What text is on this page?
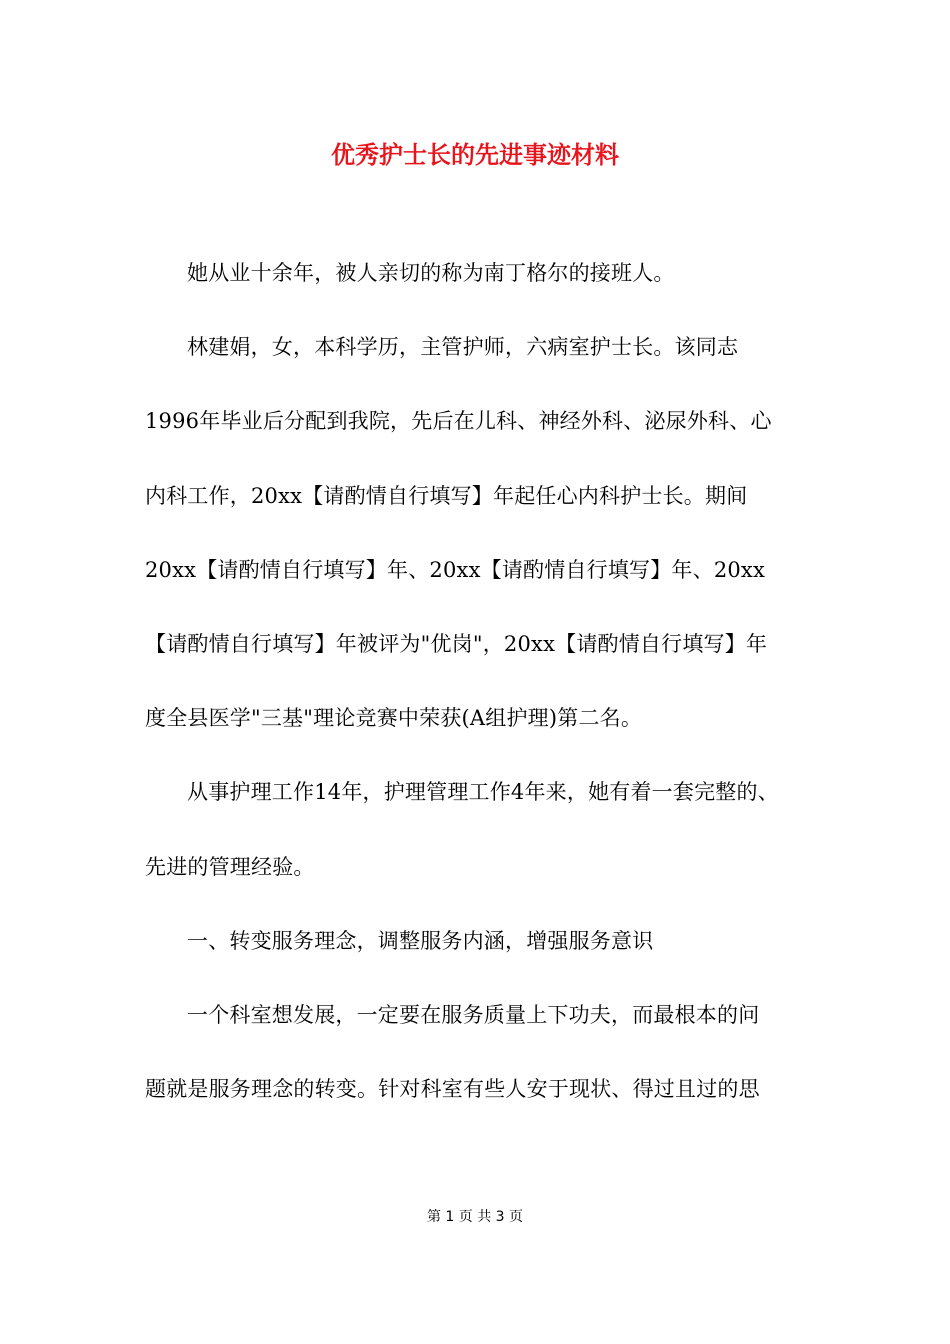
优秀护士长的先进事迹材料

她从业十余年，被人亲切的称为南丁格尔的接班人。

林建娟，女，本科学历，主管护师，六病室护士长。该同志
1996年毕业后分配到我院，先后在儿科、神经外科、泌尿外科、心
内科工作，20xx【请酌情自行填写】年起任心内科护士长。期间
20xx【请酌情自行填写】年、20xx【请酌情自行填写】年、20xx
【请酌情自行填写】年被评为"优岗"，20xx【请酌情自行填写】年
度全县医学"三基"理论竞赛中荣获(A组护理)第二名。

从事护理工作14年，护理管理工作4年来，她有着一套完整的、
先进的管理经验。

一、转变服务理念，调整服务内涵，增强服务意识

一个科室想发展，一定要在服务质量上下功夫，而最根本的问
题就是服务理念的转变。针对科室有些人安于现状、得过且过的思

第 1 页 共 3 页
